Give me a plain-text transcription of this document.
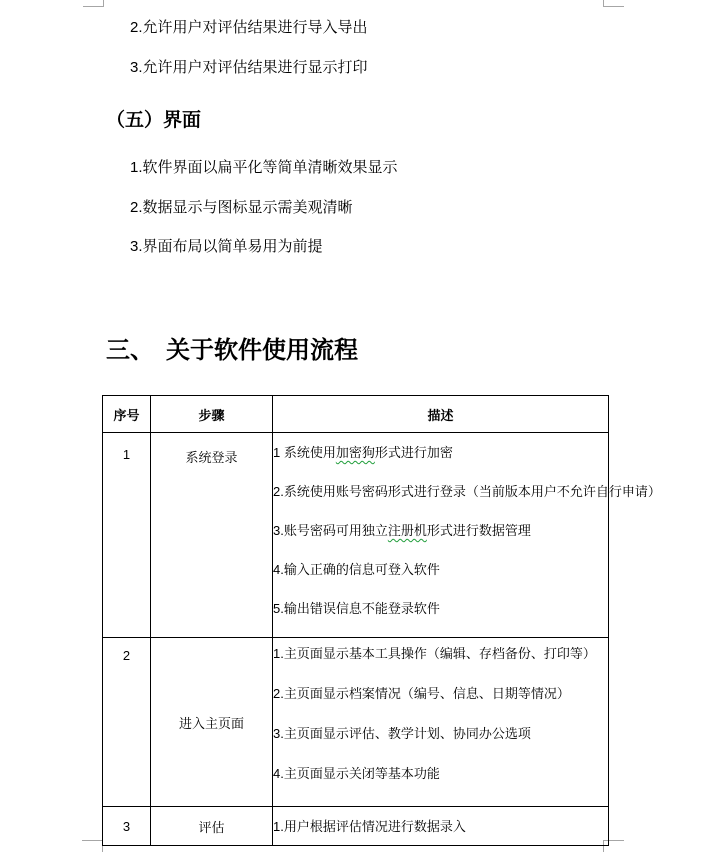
2.允许用户对评估结果进行导入导出
3.允许用户对评估结果进行显示打印
（五）界面
1.软件界面以扁平化等简单清晰效果显示
2.数据显示与图标显示需美观清晰
3.界面布局以简单易用为前提
三、 关于软件使用流程
序号	步骤	描述
1	系统登录	1 系统使用加密狗形式进行加密

2.系统使用账号密码形式进行登录（当前版本用户不允许自行申请）

3.账号密码可用独立注册机形式进行数据管理

4.输入正确的信息可登入软件

5.输出错误信息不能登录软件

2	进入主页面	1.主页面显示基本工具操作（编辑、存档备份、打印等）

2.主页面显示档案情况（编号、信息、日期等情况）

3.主页面显示评估、教学计划、协同办公选项

4.主页面显示关闭等基本功能

3	评估	1.用户根据评估情况进行数据录入
